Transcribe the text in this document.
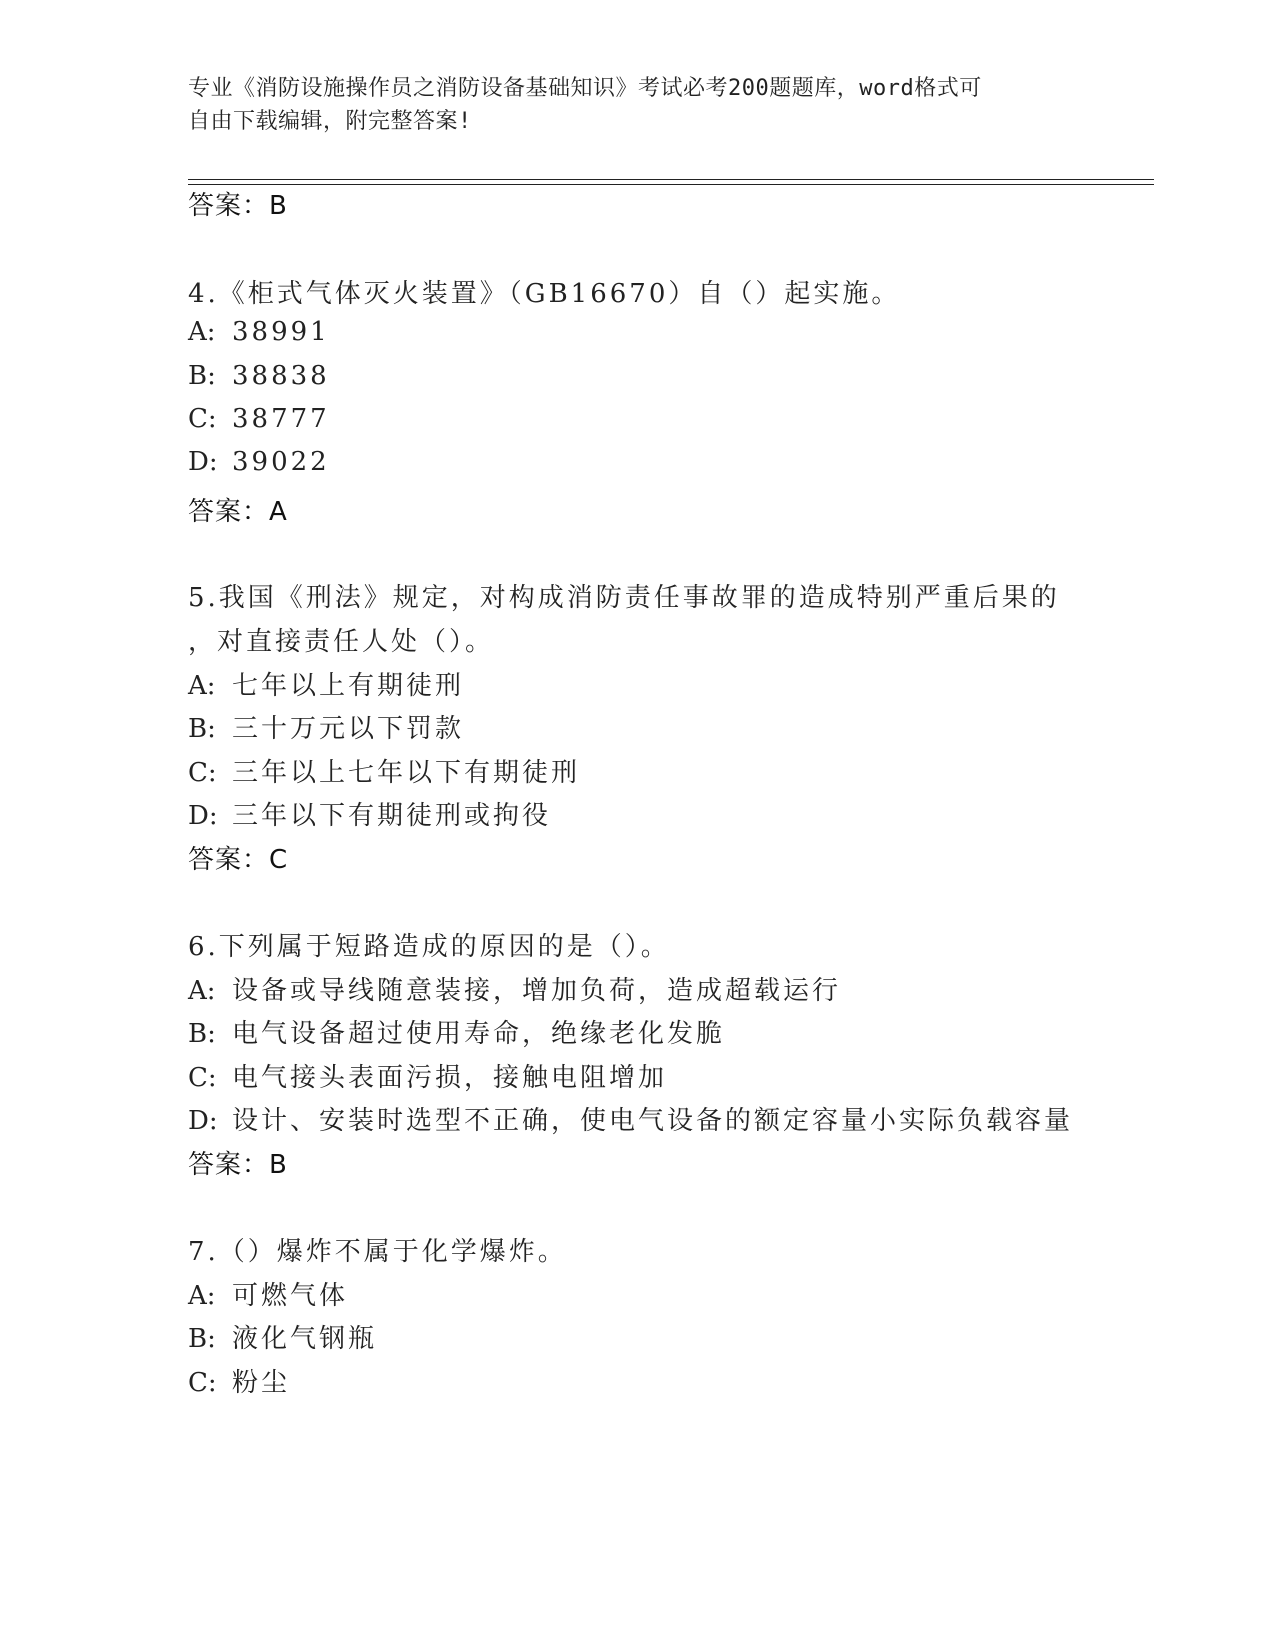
专业《消防设施操作员之消防设备基础知识》考试必考200题题库，word格式可
自由下载编辑，附完整答案!
答案：B
4.《柜式气体灭火装置》（GB16670）自（）起实施。
A: 38991
B: 38838
C: 38777
D: 39022
答案：A
5.我国《刑法》规定，对构成消防责任事故罪的造成特别严重后果的
，对直接责任人处（）。
A: 七年以上有期徒刑
B: 三十万元以下罚款
C: 三年以上七年以下有期徒刑
D: 三年以下有期徒刑或拘役
答案：C
6.下列属于短路造成的原因的是（）。
A: 设备或导线随意装接，增加负荷，造成超载运行
B: 电气设备超过使用寿命，绝缘老化发脆
C: 电气接头表面污损，接触电阻增加
D: 设计、安装时选型不正确，使电气设备的额定容量小实际负载容量
答案：B
7.（）爆炸不属于化学爆炸。
A: 可燃气体
B: 液化气钢瓶
C: 粉尘
